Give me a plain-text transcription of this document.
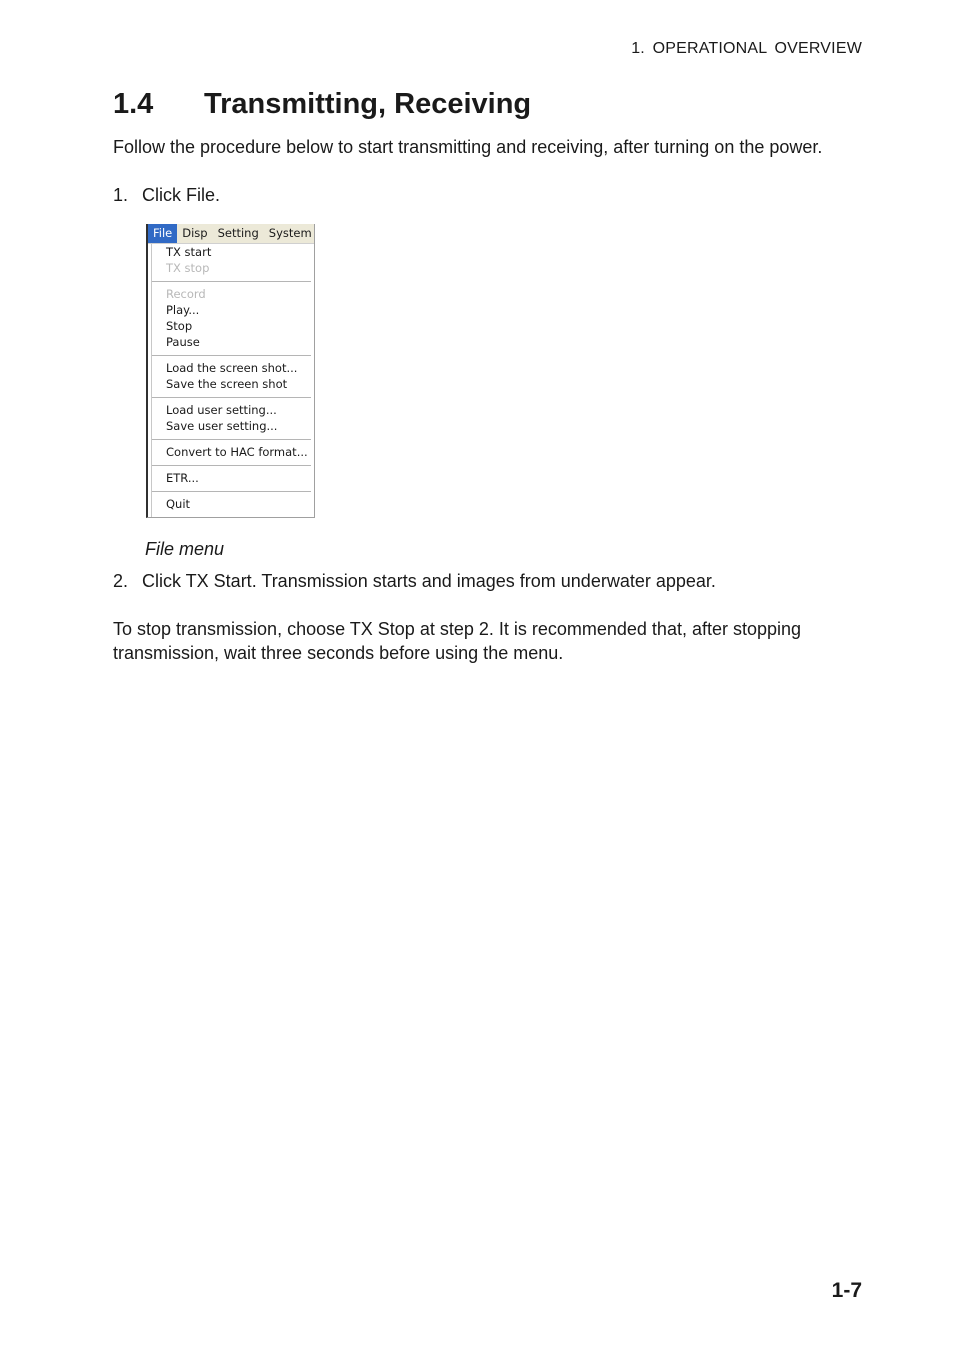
1. OPERATIONAL OVERVIEW
1.4	Transmitting, Receiving

Follow the procedure below to start transmitting and receiving, after turning on the power.

1. Click File.
File Disp Setting System
TX start
TX stop
Record
Play...
Stop
Pause
Load the screen shot...
Save the screen shot
Load user setting...
Save user setting...
Convert to HAC format...
ETR...
Quit
File menu
2. Click TX Start. Transmission starts and images from underwater appear.

To stop transmission, choose TX Stop at step 2. It is recommended that, after stopping transmission, wait three seconds before using the menu.

1-7
